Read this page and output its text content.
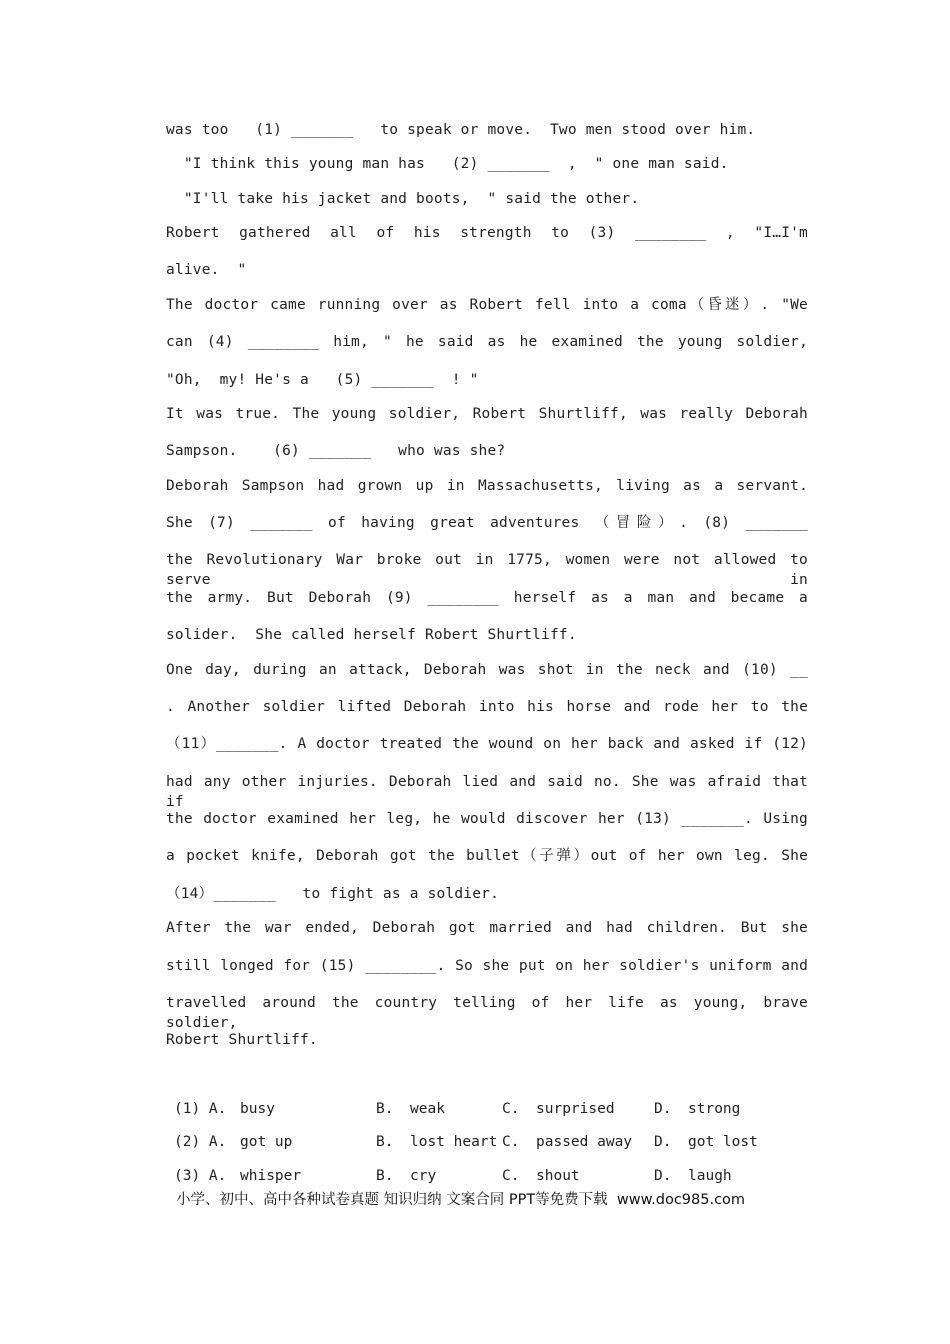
was too   (1) _______   to speak or move.  Two men stood over him.
"I think this young man has   (2) _______  ,  " one man said.
"I'll take his jacket and boots,  " said the other.
Robert gathered all of his strength to (3) ________ , "I…I'm
alive.  "
The doctor came running over as Robert fell into a coma（昏迷）. "We
can (4) ________ him, " he said as he examined the young soldier,
"Oh,  my! He's a   (5) _______  ! "
It was true. The young soldier, Robert Shurtliff, was really Deborah
Sampson.    (6) _______   who was she?
Deborah Sampson had grown up in Massachusetts, living as a servant.
She (7) _______ of having great adventures （冒险）. (8) _______
the Revolutionary War broke out in 1775, women were not allowed to serve in
the army. But Deborah (9) ________ herself as a man and became a
solider.  She called herself Robert Shurtliff.
One day, during an attack, Deborah was shot in the neck and (10) __
. Another soldier lifted Deborah into his horse and rode her to the
（11）_______. A doctor treated the wound on her back and asked if (12)
had any other injuries. Deborah lied and said no. She was afraid that if
the doctor examined her leg, he would discover her (13) _______. Using
a pocket knife, Deborah got the bullet（子弹）out of her own leg. She
（14）_______   to fight as a soldier.
After the war ended, Deborah got married and had children. But she
still longed for (15) ________. So she put on her soldier's uniform and
travelled around the country telling of her life as young, brave soldier,
Robert Shurtliff.
(1) A. busy	B. weak	C. surprised	D. strong
(2) A. got up	B. lost heart C. passed away D. got lost
(3) A. whisper	B. cry	C. shout	D. laugh
小学、初中、高中各种试卷真题 知识归纳 文案合同 PPT等免费下载  www.doc985.com
